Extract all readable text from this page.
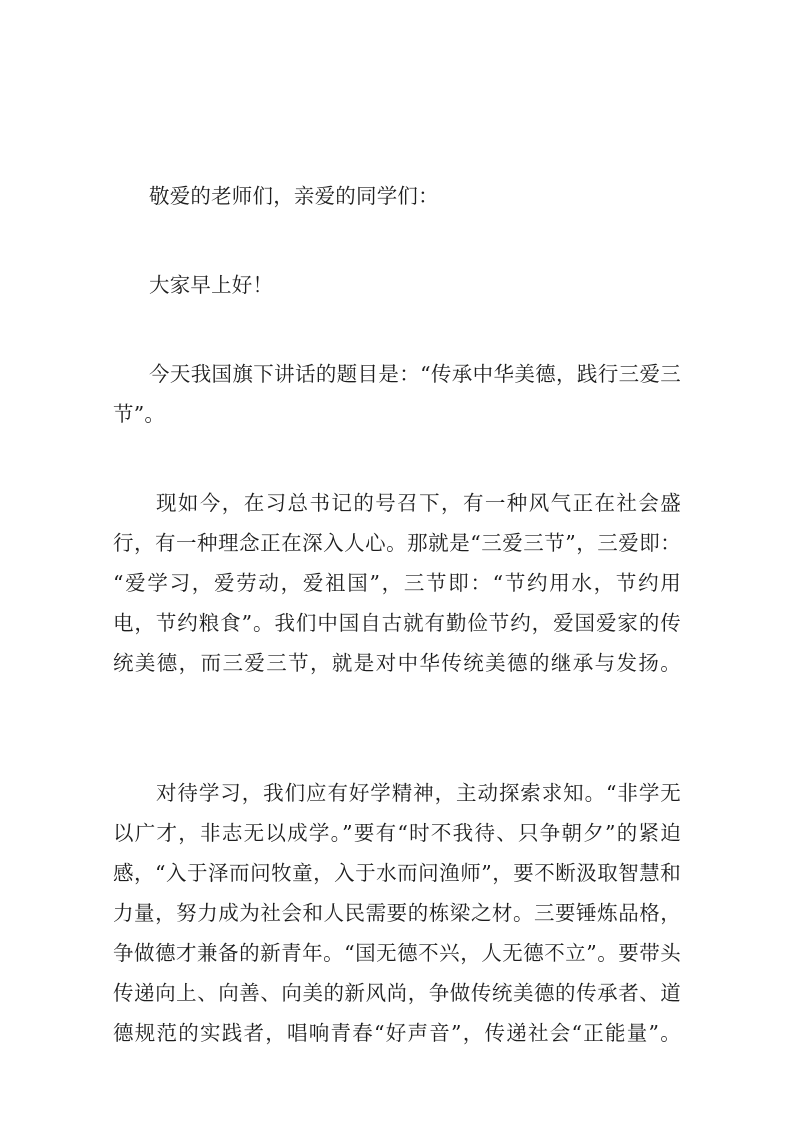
敬爱的老师们，亲爱的同学们：

大家早上好！

今天我国旗下讲话的题目是：“传承中华美德，践行三爱三节”。

现如今，在习总书记的号召下，有一种风气正在社会盛行，有一种理念正在深入人心。那就是“三爱三节”，三爱即：“爱学习，爱劳动，爱祖国”，三节即：“节约用水，节约用电，节约粮食”。我们中国自古就有勤俭节约，爱国爱家的传统美德，而三爱三节，就是对中华传统美德的继承与发扬。

对待学习，我们应有好学精神，主动探索求知。“非学无以广才，非志无以成学。”要有“时不我待、只争朝夕”的紧迫感，“入于泽而问牧童，入于水而问渔师”，要不断汲取智慧和力量，努力成为社会和人民需要的栋梁之材。三要锤炼品格，争做德才兼备的新青年。“国无德不兴，人无德不立”。要带头传递向上、向善、向美的新风尚，争做传统美德的传承者、道德规范的实践者，唱响青春“好声音”，传递社会“正能量”。
